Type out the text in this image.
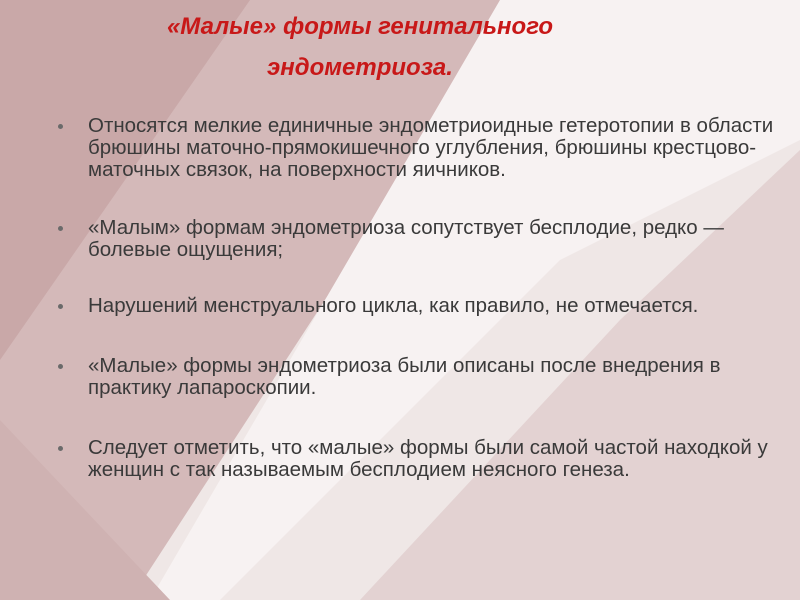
«Малые» формы генитального эндометриоза.
Относятся мелкие единичные эндометриоидные гетеротопии в области брюшины маточно-прямокишечного углубления, брюшины крестцово-маточных связок, на поверхности яичников.
«Малым» формам эндометриоза сопутствует бесплодие, редко — болевые ощущения;
Нарушений менструального цикла, как правило, не отмечается.
«Малые» формы эндометриоза были описаны после внедрения в практику лапароскопии.
Следует отметить, что «малые» формы были самой частой находкой у женщин с так называемым бесплодием неясного генеза.
